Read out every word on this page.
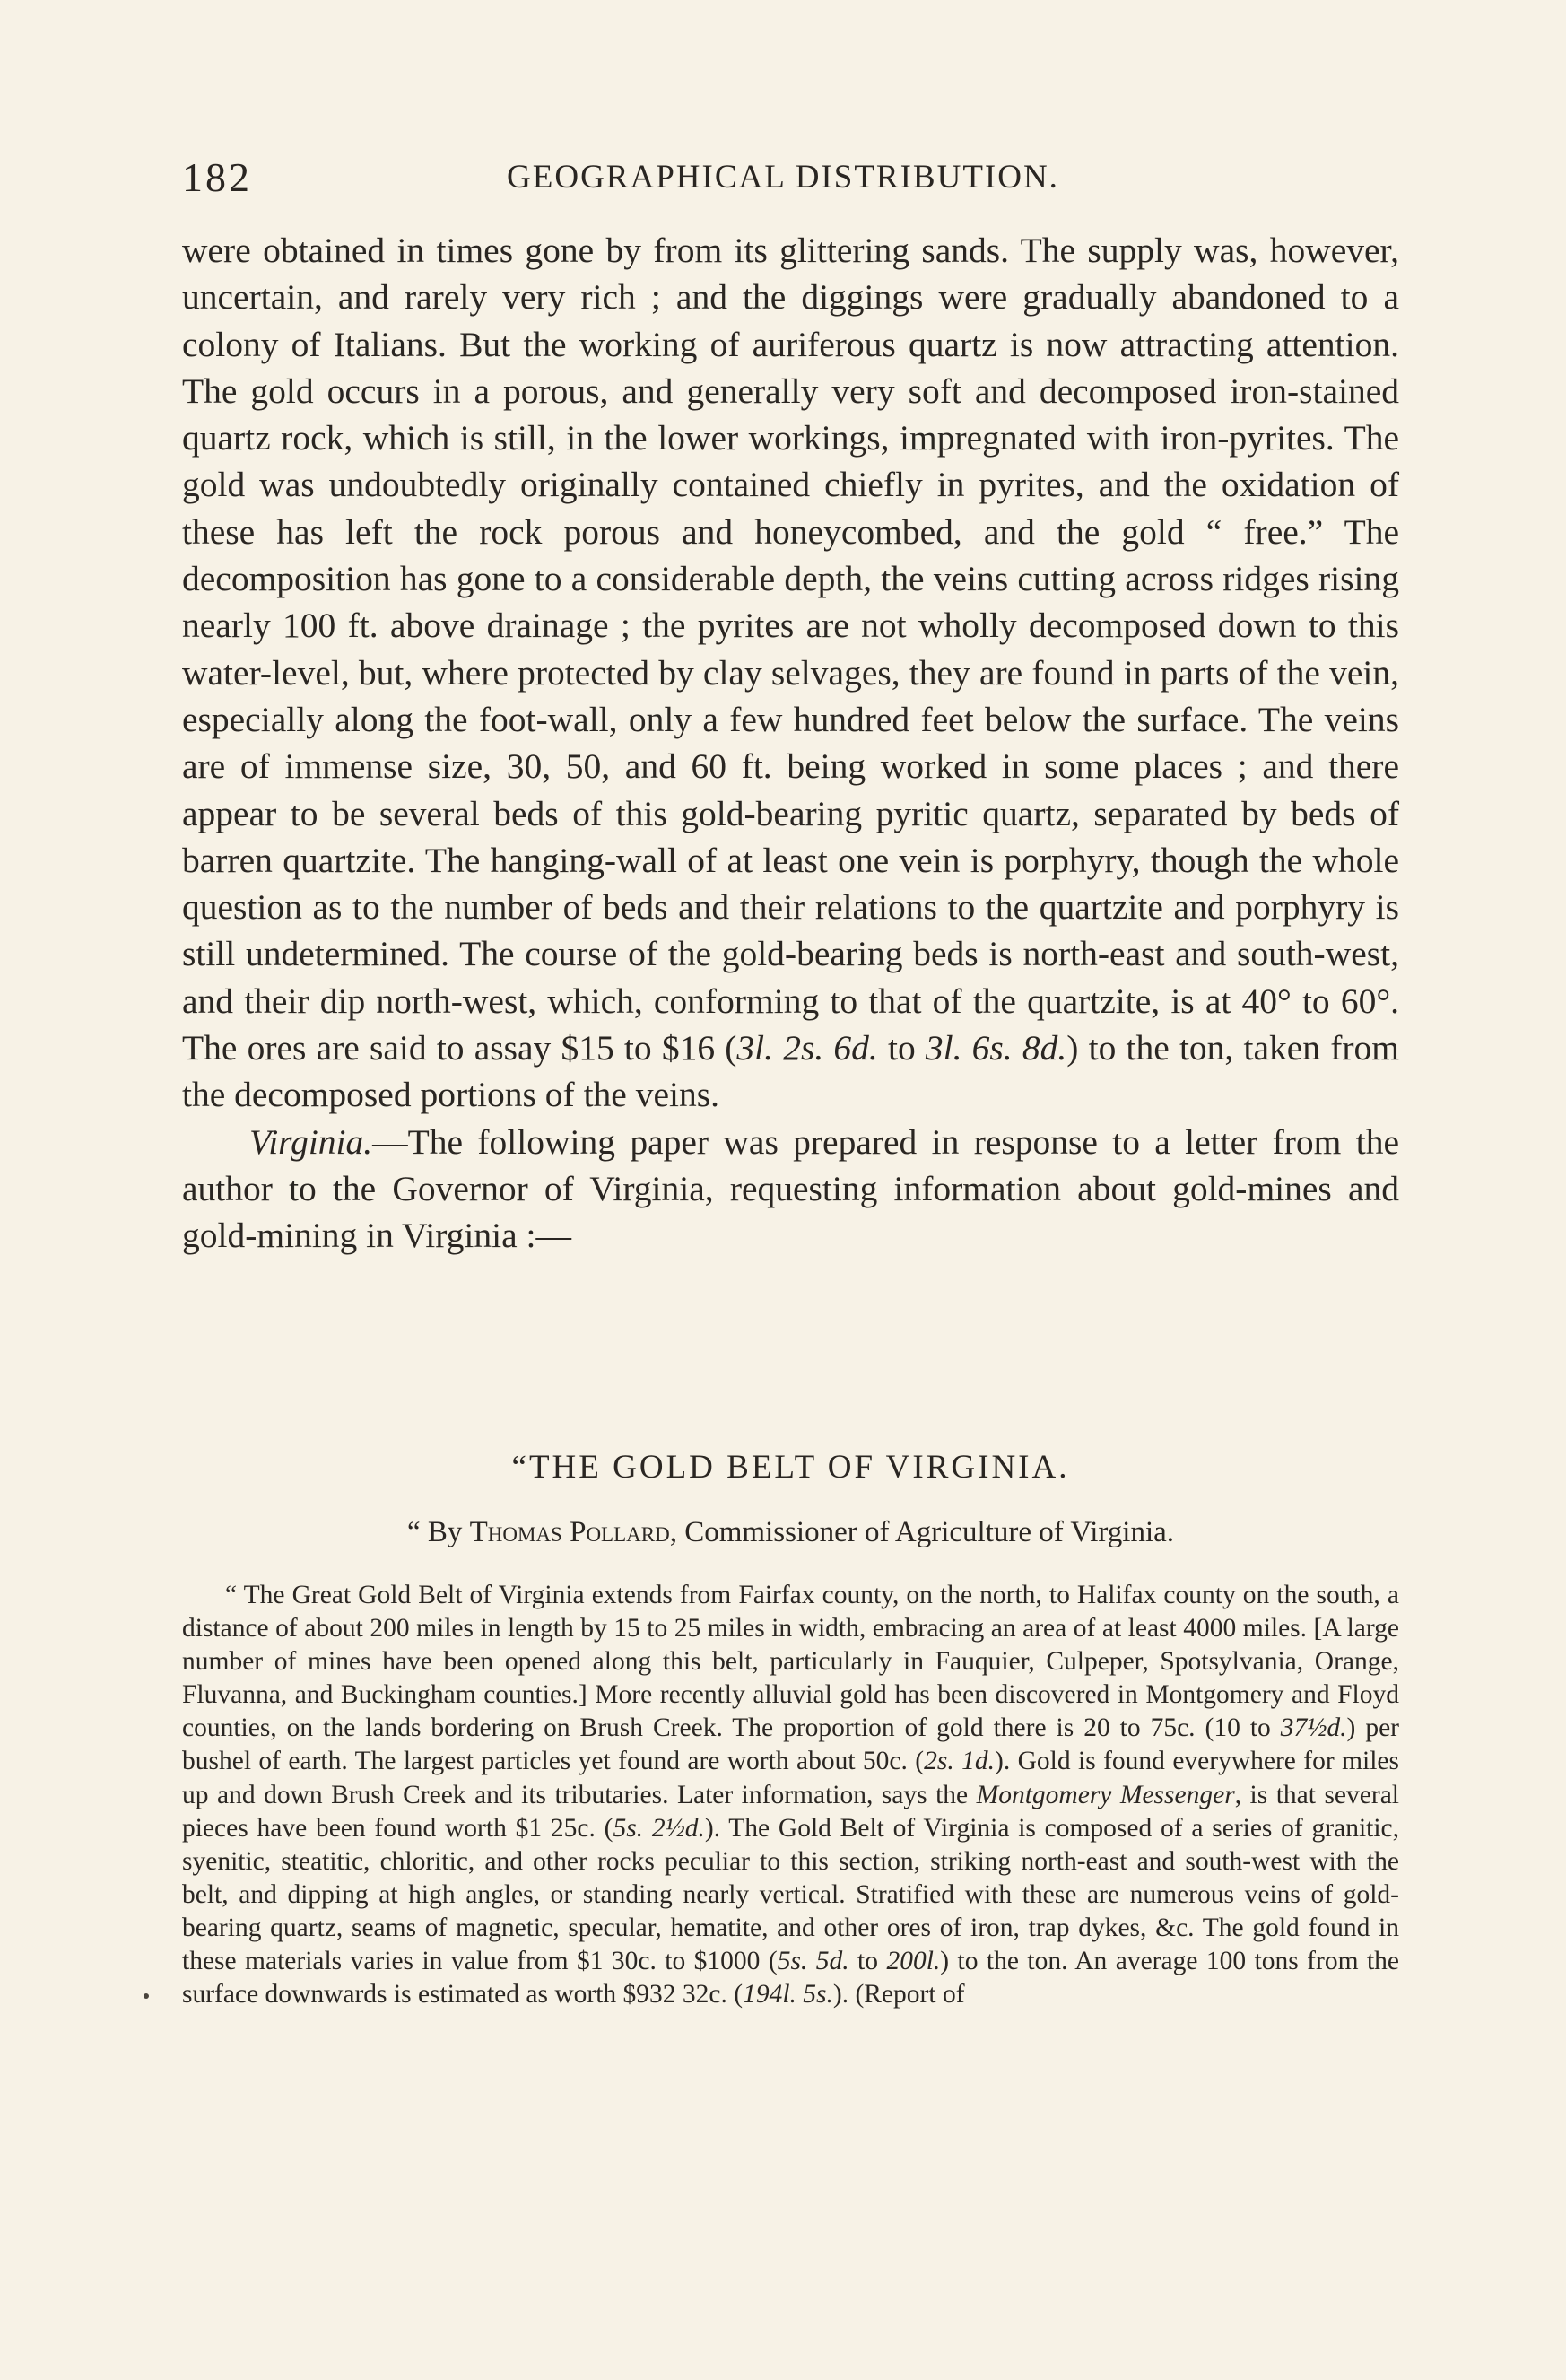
182	GEOGRAPHICAL DISTRIBUTION.

were obtained in times gone by from its glittering sands. The supply was, however, uncertain, and rarely very rich ; and the diggings were gradually abandoned to a colony of Italians. But the working of auriferous quartz is now attracting attention. The gold occurs in a porous, and generally very soft and decomposed iron-stained quartz rock, which is still, in the lower workings, impregnated with iron-pyrites. The gold was undoubtedly originally contained chiefly in pyrites, and the oxidation of these has left the rock porous and honeycombed, and the gold “ free.” The decomposition has gone to a considerable depth, the veins cutting across ridges rising nearly 100 ft. above drainage ; the pyrites are not wholly decomposed down to this water-level, but, where protected by clay selvages, they are found in parts of the vein, especially along the foot-wall, only a few hundred feet below the surface. The veins are of immense size, 30, 50, and 60 ft. being worked in some places ; and there appear to be several beds of this gold-bearing pyritic quartz, separated by beds of barren quartzite. The hanging-wall of at least one vein is porphyry, though the whole question as to the number of beds and their relations to the quartzite and porphyry is still undetermined. The course of the gold-bearing beds is north-east and south-west, and their dip north-west, which, conforming to that of the quartzite, is at 40° to 60°. The ores are said to assay $15 to $16 (3l. 2s. 6d. to 3l. 6s. 8d.) to the ton, taken from the decomposed portions of the veins.

Virginia.—The following paper was prepared in response to a letter from the author to the Governor of Virginia, requesting information about gold-mines and gold-mining in Virginia :—

“THE GOLD BELT OF VIRGINIA.
“ By Thomas Pollard, Commissioner of Agriculture of Virginia.

“ The Great Gold Belt of Virginia extends from Fairfax county, on the north, to Halifax county on the south, a distance of about 200 miles in length by 15 to 25 miles in width, embracing an area of at least 4000 miles. [A large number of mines have been opened along this belt, particularly in Fauquier, Culpeper, Spotsylvania, Orange, Fluvanna, and Buckingham counties.] More recently alluvial gold has been discovered in Montgomery and Floyd counties, on the lands bordering on Brush Creek. The proportion of gold there is 20 to 75c. (10 to 37½d.) per bushel of earth. The largest particles yet found are worth about 50c. (2s. 1d.). Gold is found everywhere for miles up and down Brush Creek and its tributaries. Later information, says the Montgomery Messenger, is that several pieces have been found worth $1 25c. (5s. 2½d.). The Gold Belt of Virginia is composed of a series of granitic, syenitic, steatitic, chloritic, and other rocks peculiar to this section, striking north-east and south-west with the belt, and dipping at high angles, or standing nearly vertical. Stratified with these are numerous veins of gold-bearing quartz, seams of magnetic, specular, hematite, and other ores of iron, trap dykes, &c. The gold found in these materials varies in value from $1 30c. to $1000 (5s. 5d. to 200l.) to the ton. An average 100 tons from the surface downwards is estimated as worth $932 32c. (194l. 5s.). (Report of
